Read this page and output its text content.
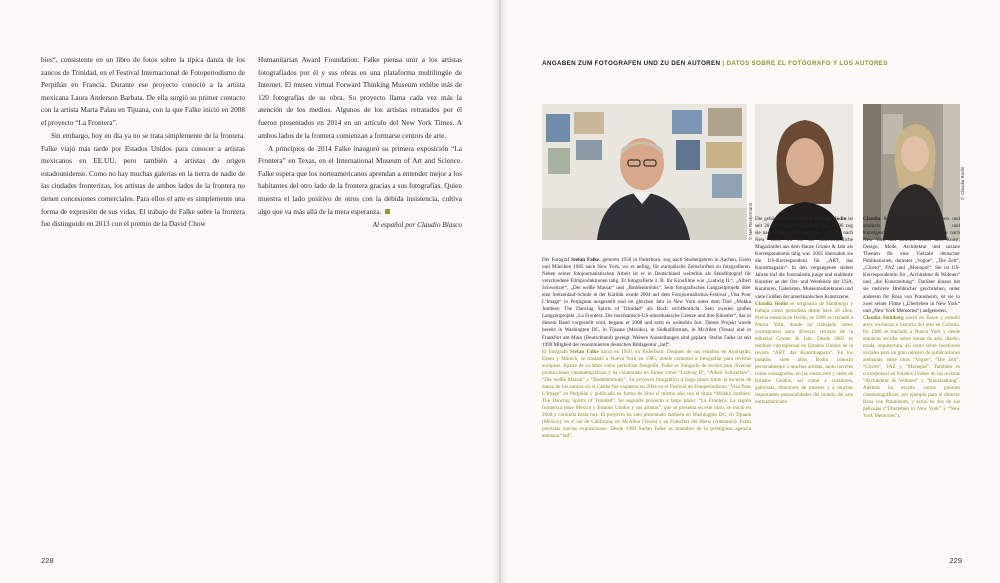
bies“, consistente en un libro de fotos sobre la típica danza de los zancos de Trinidad, en el Festival Internacional de Fotoperiodismo de Perpiñán en Francia. Durante ese proyecto conoció a la artista mexicana Laura Anderson Barbata. De ella surgió su primer contacto con la artista Marta Palau en Tijuana, con la que Falke inició en 2008 el proyecto “La Frontera”.

Sin embargo, hoy en día ya no se trata simplemente de la frontera. Falke viajó más tarde por Estados Unidos para conocer a artistas mexicanos en EE.UU. pero también a artistas de origen estadounidense. Como no hay muchas galerías en la tierra de nadie de las ciudades fronterizas, los artistas de ambos lados de la frontera no tienen concesiones comerciales. Para ellos el arte es simplemente una forma de expresión de sus vidas. El trabajo de Falke sobre la frontera fue distinguido en 2013 con el premio de la David Chow

Humanitarian Award Foundation. Falke piensa unir a los artistas fotografiados por él y sus obras en una plataforma multilingüe de Internet. El museo virtual Forward Thinking Museum exhibe más de 120 fotografías de su obra. Su proyecto llama cada vez más la atención de los medios. Algunos de los artistas retratados por él fueron presentados en 2014 en un artículo del New York Times. A ambos lados de la frontera comienzan a formarse centros de arte.

A principios de 2014 Falke inauguró su primera exposición “La Frontera” en Texas, en el International Museum of Art and Science. Falke espera que los norteamericanos aprendan a entender mejor a los habitantes del otro lado de la frontera gracias a sus fotografías. Quien muestra el lado positivo de otros con la debida insistencia, cultiva algo que va más allá de la mera esperanza.

Al español por Claudio Blasco

228
ANGABEN ZUM FOTOGRAFEN UND ZU DEN AUTOREN | DATOS SOBRE EL FOTÓGRAFO Y LOS AUTORES
© Nel Reckemann
© Claudia Bodin

Der Fotograf Stefan Falke, geboren 1956 in Paderborn, zog nach Studienjahren in Aachen, Essen und München 1985 nach New York, wo er anfing, für europäische Zeitschriften zu fotografieren. Neben seiner fotojournalistischen Arbeit ist er in Deutschland weiterhin als Standfotograf für verschiedene Filmproduktionen tätig. Er fotografierte z. B. für Kinofilme wie „Ludwig II.“, „Albert Schweitzer“, „Die weiße Massai“ und „Buddenbrooks“. Sein fotografisches Langzeitprojekt über eine Stelzenlauf-Schule in der Karibik wurde 2004 auf dem Fotojournalismus-Festival „Visa Pour L’Image“ in Perpignan ausgestellt und im gleichen Jahr in New York unter dem Titel „Mokka Jumbies: The Dancing Spirits of Trinidad“ als Buch veröffentlicht. Sein zweites großes Langzeitprojekt „La Frontera. Die mexikanisch-US-amerikanische Grenze und ihre Künstler“, das in diesem Band vorgestellt wird, begann er 2008 und setzt es weiterhin fort. Dieses Projekt wurde bereits in Washington DC, in Tijuana (Mexiko), in Südkalifornien, in McAllen (Texas) und in Frankfurt am Main (Deutschland) gezeigt. Weitere Ausstellungen sind geplant. Stefan Falke ist seit 1999 Mitglied der renommierten deutschen Bildagentur „laif“.

El fotógrafo Stefan Falke nació en 1956, en Paderborn. Después de sus estudios en Aquisgrán, Essen y Múnich, se trasladó a Nueva York en 1985, donde comenzó a fotografiar para revistas europeas. Aparte de su labor como periodista fotográfo, Falke es fotógrafo de escena para diversas producciones cinematográficas y ha colaborado en filmes como “Ludwig II”, “Albert Schweitzer”, “Die weiße Massai” y “Buddenbrooks”. Su proyecto fotográfico a largo plazo sobre la escuela de danza de los zancos en el Caribe fue expuesto en 2004 en el Festival de Fotoperiodismo “Visa Pour L’Image” en Perpiñán y publicado en forma de libro el mismo año con el título “Mokka Jumbies: The Dancing Spirits of Trinidad”. Su segundo proyecto a largo plazo: “La Frontera. La región fronteriza entre México y Estados Unidos y sus artistas”, que se presenta en este libro, se inició en 2008 y continúa hasta hoy. El proyecto ha sido presentado también en Washington DC, en Tijuana (México), en el sur de California, en McAllen (Texas) y en Fráncfort del Meno (Alemania). Están previstas nuevas exposiciones. Desde 1999 Stefan Falke es miembro de la prestigiosa agencia alemana “laif”.

Die gebürtige Hamburgerin Claudia Bodin ist seit 20 Jahren als Journalistin tätig. 1996 zog sie nach einer Zwischenstation in Berlin nach New York, wo sie für unterschiedliche Magazintitel aus dem Hause Gruner & Jahr als Korrespondentin tätig war. 2005 übernahm sie die US-Korrespondenz für „ART, das Kunstmagazin“. In den vergangenen sieben Jahren traf die Journalistin junge und etablierte Künstler an der Ost- und Westküste der USA, Kuratoren, Galeristen, Museumsdirektoren und viele Größen der amerikanischen Kunstszene.

Claudia Bodin es originaria de Hamburgo y trabaja como periodista desde hace 20 años. Previa estancia en Berlín, en 1996 se trasladó a Nueva York, donde ha trabajado como corresponsal para diversas revistas de la editorial Gruner & Jahr. Desde 2005 es también corresponsal en Estados Unidos de la revista “ART, das Kunstmagazin”. En los pasados siete años Bodin conoció personalmente a muchos artistas, tanto noveles como consagrados, en las costas este y oeste de Estados Unidos, así como a curadores, galeristas, directores de museos y a muchas importantes personalidades del mundo del arte norteamericano.

Claudia Steinberg stammt aus Essen und studierte Theaterwissenschaft und Kunstgeschichte in Köln. 1980 zog sie nach New York und schreibt seither über Kunst, Design, Mode, Architektur und soziale Themen für eine Vielzahl deutscher Publikationen, darunter „Vogue“, „Die Zeit“, „Cicero“, FAZ und „Monopol“. Sie ist US-Korrespondentin für „Architektur & Wohnen“ und „die Kunstzeitung“. Darüber hinaus hat sie mehrere Drehbücher geschrieben, unter anderem für Rosa von Praunheim; ist sie in zwei seiner Filme („Überleben in New York“ und „New York Memories“) aufgetreten.

Claudia Steinberg nació en Essen y estudió artes escénicas e historia del arte en Colonia. En 1980 se trasladó a Nueva York y desde entonces escribe sobre temas de arte, diseño, moda, arquitectura, así como sobre cuestiones sociales para un gran número de publicaciones alemanas, entre otras “Vogue”, “Die Zeit”, “Cicero”, FAZ y “Monopol”. También es corresponsal en Estados Unidos de las revistas “Architektur & Wohnen” y “Kunstzeitung”. Además ha escrito varios guiones cinematográficos, por ejemplo para el director Rosa von Praunheim, y actuó en dos de sus películas (“Überleben in New York” y “New York Memories”).

229
